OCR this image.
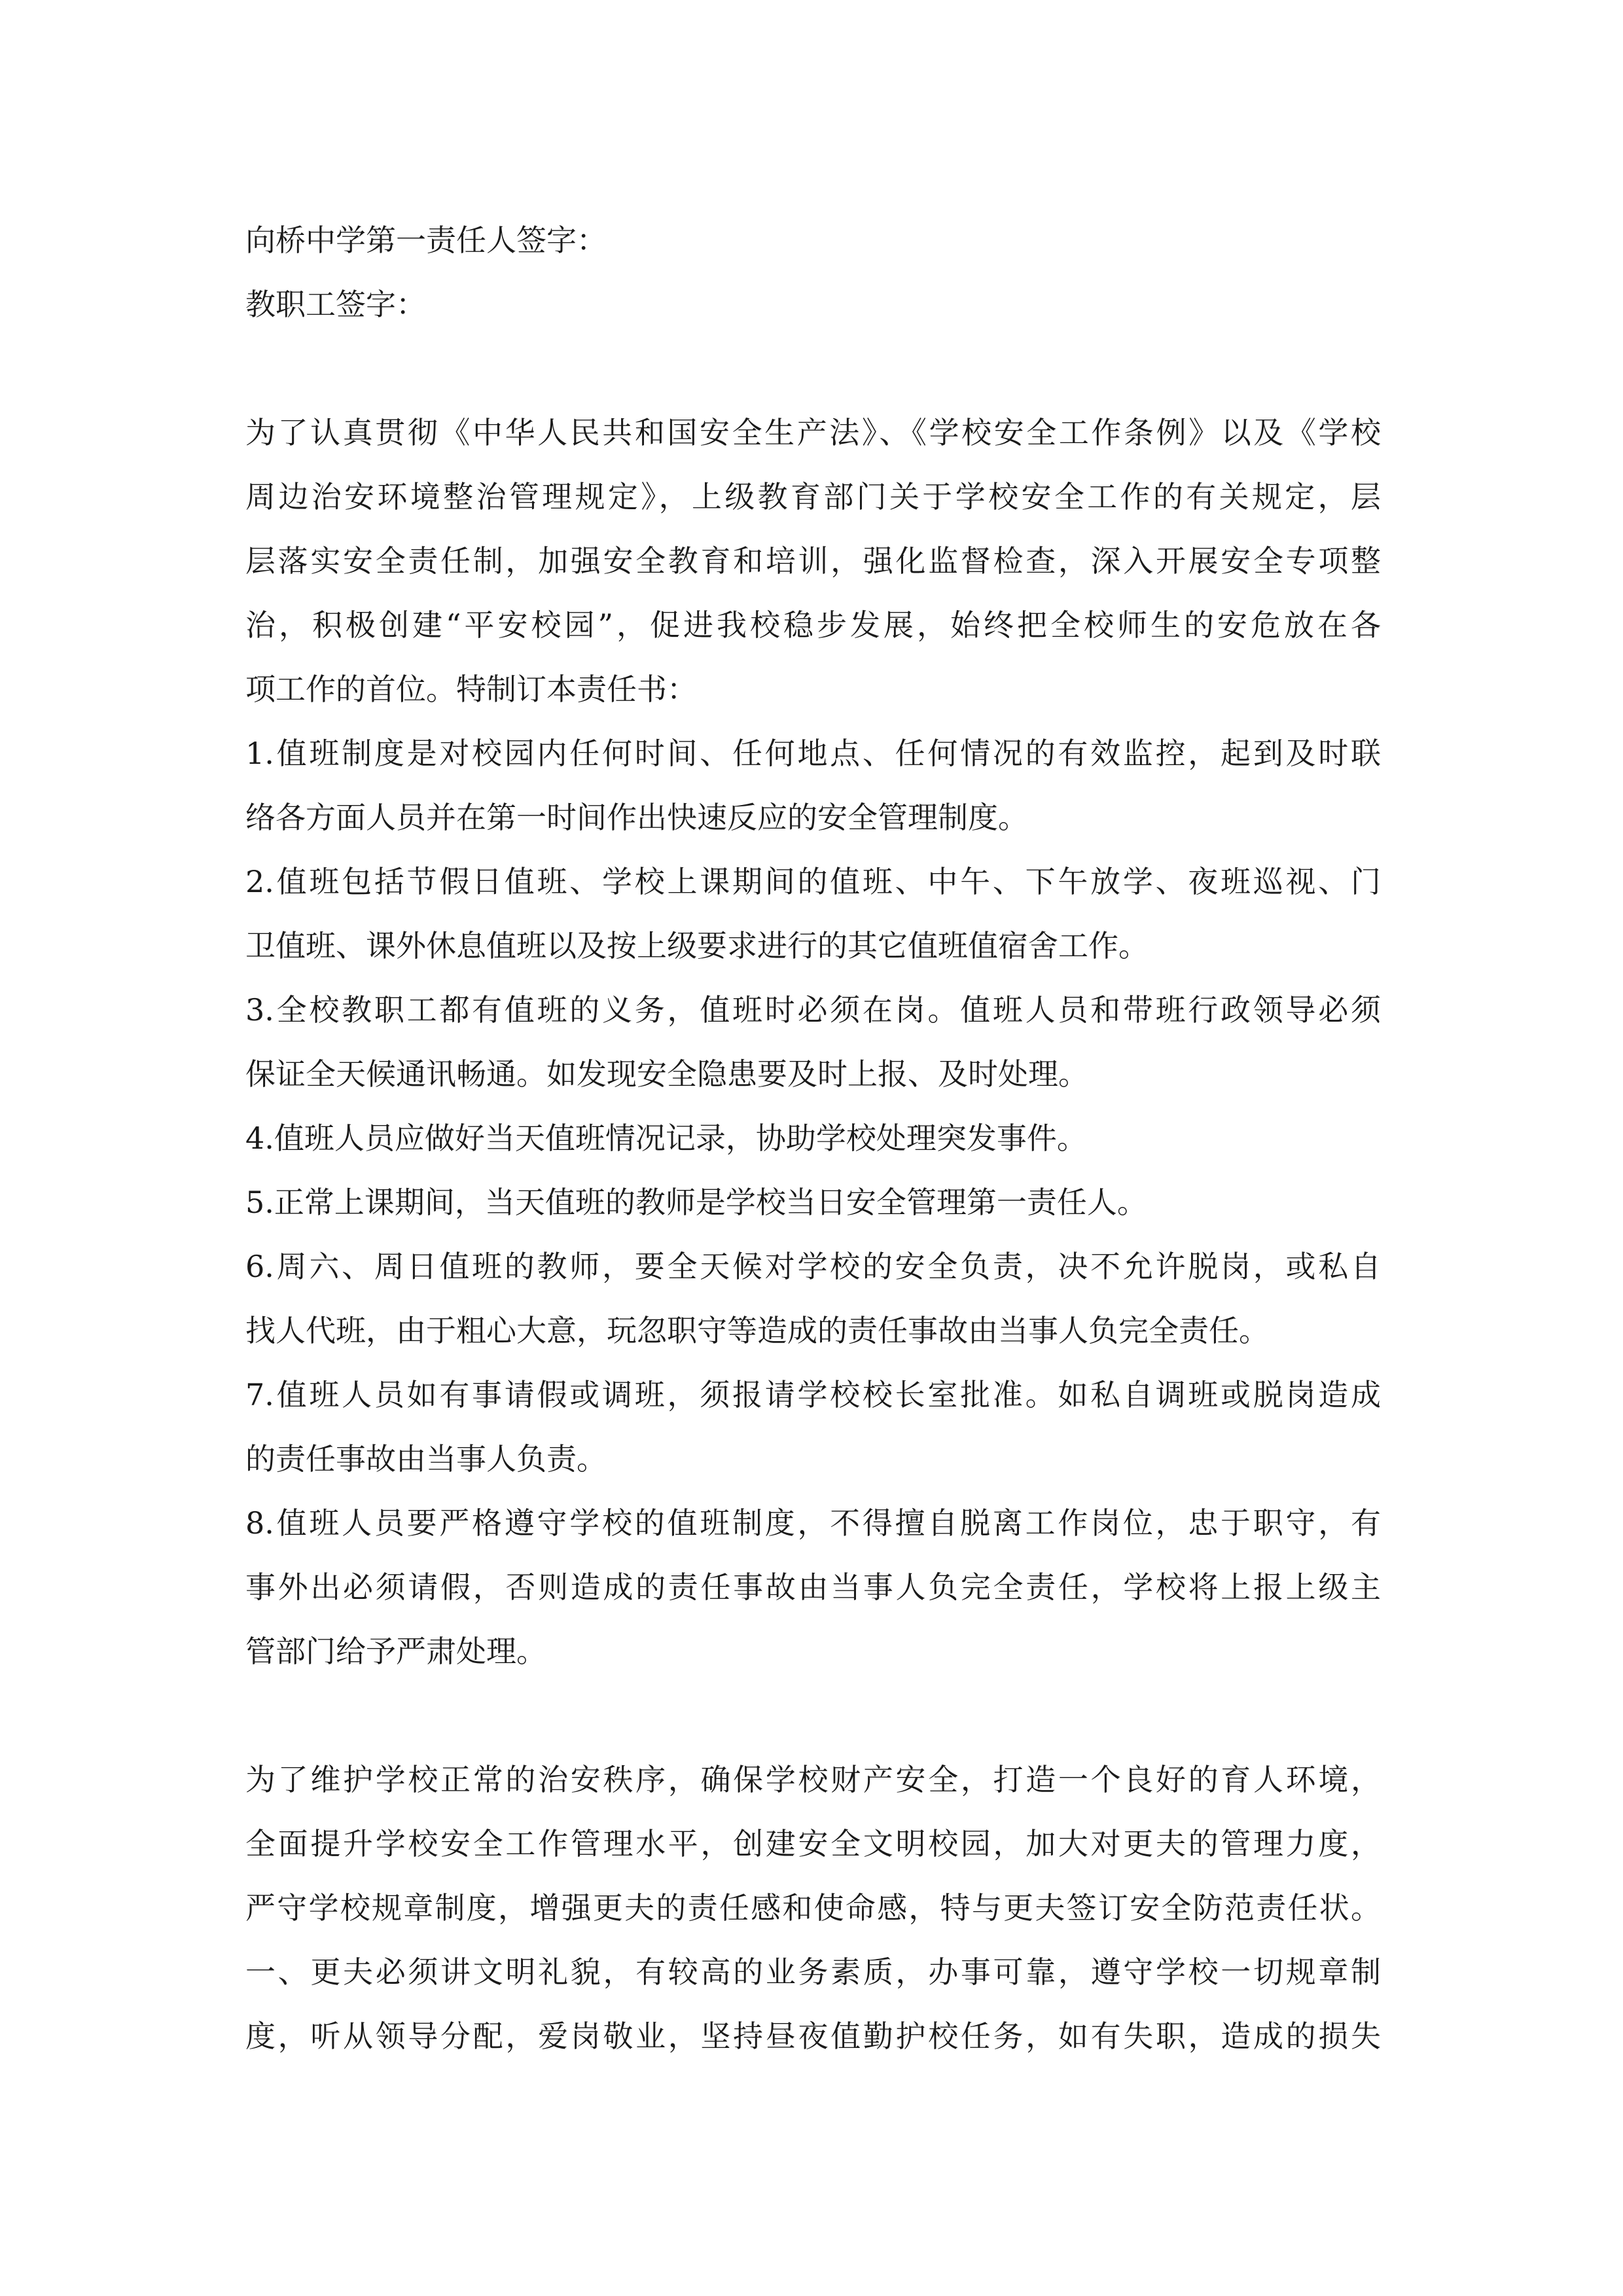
向桥中学第一责任人签字：
教职工签字：
为了认真贯彻《中华人民共和国安全生产法》、《学校安全工作条例》以及《学校
周边治安环境整治管理规定》，上级教育部门关于学校安全工作的有关规定，层
层落实安全责任制，加强安全教育和培训，强化监督检查，深入开展安全专项整
治，积极创建“平安校园”，促进我校稳步发展，始终把全校师生的安危放在各
项工作的首位。特制订本责任书：
1.值班制度是对校园内任何时间、任何地点、任何情况的有效监控，起到及时联
络各方面人员并在第一时间作出快速反应的安全管理制度。
2.值班包括节假日值班、学校上课期间的值班、中午、下午放学、夜班巡视、门
卫值班、课外休息值班以及按上级要求进行的其它值班值宿舍工作。
3.全校教职工都有值班的义务，值班时必须在岗。值班人员和带班行政领导必须
保证全天候通讯畅通。如发现安全隐患要及时上报、及时处理。
4.值班人员应做好当天值班情况记录，协助学校处理突发事件。
5.正常上课期间，当天值班的教师是学校当日安全管理第一责任人。
6.周六、周日值班的教师，要全天候对学校的安全负责，决不允许脱岗，或私自
找人代班，由于粗心大意，玩忽职守等造成的责任事故由当事人负完全责任。
7.值班人员如有事请假或调班，须报请学校校长室批准。如私自调班或脱岗造成
的责任事故由当事人负责。
8.值班人员要严格遵守学校的值班制度，不得擅自脱离工作岗位，忠于职守，有
事外出必须请假，否则造成的责任事故由当事人负完全责任，学校将上报上级主
管部门给予严肃处理。
为了维护学校正常的治安秩序，确保学校财产安全，打造一个良好的育人环境，
全面提升学校安全工作管理水平，创建安全文明校园，加大对更夫的管理力度，
严守学校规章制度，增强更夫的责任感和使命感，特与更夫签订安全防范责任状。
一、更夫必须讲文明礼貌，有较高的业务素质，办事可靠，遵守学校一切规章制
度，听从领导分配，爱岗敬业，坚持昼夜值勤护校任务，如有失职，造成的损失
